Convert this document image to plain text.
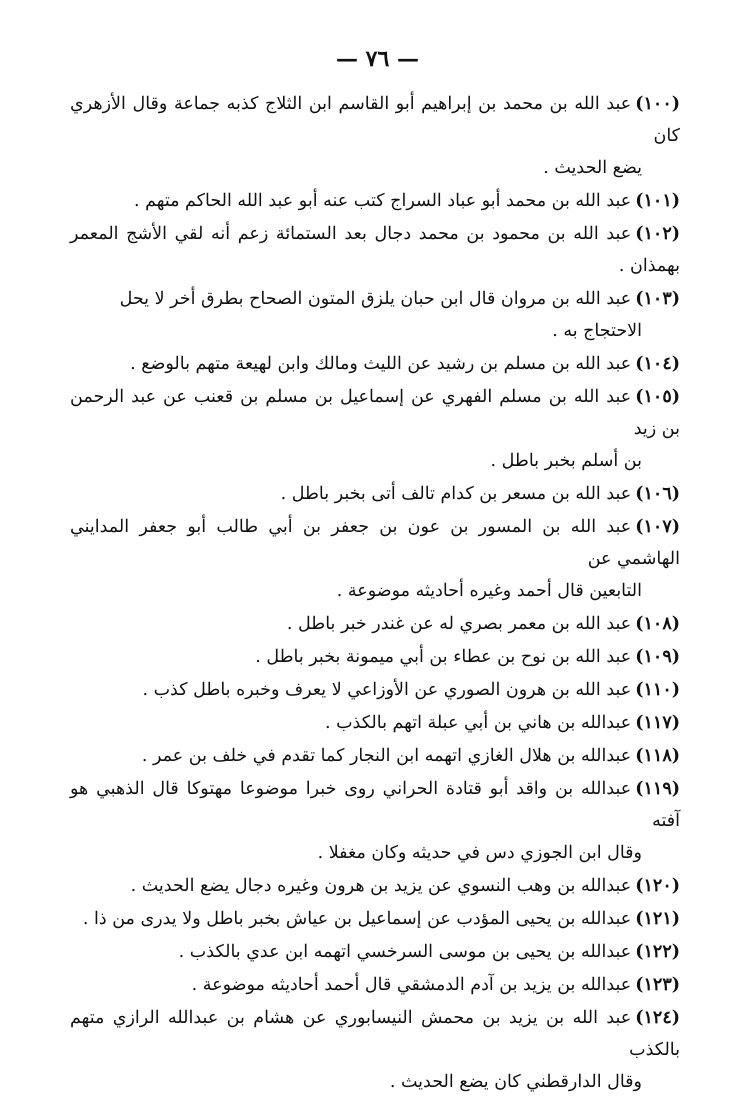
— ٧٦ —
(١٠٠)عبد الله بن محمد بن إبراهيم أبو القاسم ابن الثلاج كذبه جماعة وقال الأزهري كان
يضع الحديث .
(١٠١)عبد الله بن محمد أبو عباد السراج كتب عنه أبو عبد الله الحاكم متهم .
(١٠٢)عبد الله بن محمود بن محمد دجال بعد الستمائة زعم أنه لقي الأشج المعمر بهمذان .
(١٠٣)عبد الله بن مروان قال ابن حبان يلزق المتون الصحاح بطرق أخر لا يحل
الاحتجاج به .
(١٠٤)عبد الله بن مسلم بن رشيد عن الليث ومالك وابن لهيعة متهم بالوضع .
(١٠٥)عبد الله بن مسلم الفهري عن إسماعيل بن مسلم بن قعنب عن عبد الرحمن بن زيد
بن أسلم بخبر باطل .
(١٠٦)عبد الله بن مسعر بن كدام تالف أتى بخبر باطل .
(١٠٧)عبد الله بن المسور بن عون بن جعفر بن أبي طالب أبو جعفر المدايني الهاشمي عن
التابعين قال أحمد وغيره أحاديثه موضوعة .
(١٠٨)عبد الله بن معمر بصري له عن غندر خبر باطل .
(١٠٩)عبد الله بن نوح بن عطاء بن أبي ميمونة بخبر باطل .
(١١٠)عبد الله بن هرون الصوري عن الأوزاعي لا يعرف وخبره باطل كذب .
(١١٧)عبدالله بن هاني بن أبي عبلة اتهم بالكذب .
(١١٨)عبدالله بن هلال الغازي اتهمه ابن النجار كما تقدم في خلف بن عمر .
(١١٩)عبدالله بن واقد أبو قتادة الحراني روى خبرا موضوعا مهتوكا قال الذهبي هو آفته
وقال ابن الجوزي دس في حديثه وكان مغفلا .
(١٢٠)عبدالله بن وهب النسوي عن يزيد بن هرون وغيره دجال يضع الحديث .
(١٢١)عبدالله بن يحيى المؤدب عن إسماعيل بن عياش بخبر باطل ولا يدرى من ذا .
(١٢٢)عبدالله بن يحيى بن موسى السرخسي اتهمه ابن عدي بالكذب .
(١٢٣)عبدالله بن يزيد بن آدم الدمشقي قال أحمد أحاديثه موضوعة .
(١٢٤)عبد الله بن يزيد بن محمش النيسابوري عن هشام بن عبدالله الرازي متهم بالكذب
وقال الدارقطني كان يضع الحديث .
